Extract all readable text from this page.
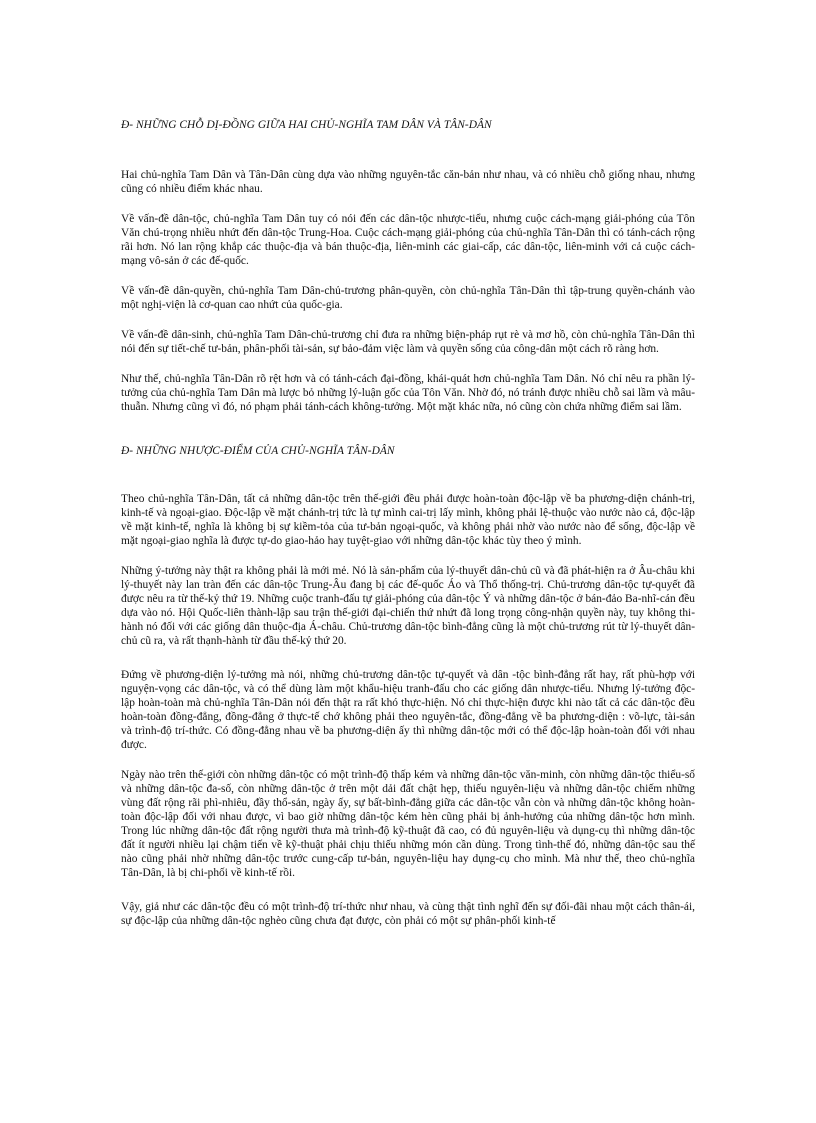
Đ- NHỮNG CHỖ DỊ-ĐỒNG GIỮA HAI CHỦ-NGHĨA TAM DÂN VÀ TÂN-DÂN

Hai chủ-nghĩa Tam Dân và Tân-Dân cùng dựa vào những nguyên-tắc căn-bản như nhau, và có nhiều chỗ giống nhau, nhưng cũng có nhiều điểm khác nhau.

Về vấn-đề dân-tộc, chủ-nghĩa Tam Dân tuy có nói đến các dân-tộc nhược-tiểu, nhưng cuộc cách-mạng giải-phóng của Tôn Văn chú-trọng nhiều nhứt đến dân-tộc Trung-Hoa. Cuộc cách-mạng giải-phóng của chủ-nghĩa Tân-Dân thì có tánh-cách rộng rãi hơn. Nó lan rộng khắp các thuộc-địa và bán thuộc-địa, liên-minh các giai-cấp, các dân-tộc, liên-minh với cả cuộc cách-mạng vô-sản ở các đế-quốc.

Về vấn-đề dân-quyền, chủ-nghĩa Tam Dân-chủ-trương phân-quyền, còn chủ-nghĩa Tân-Dân thì tập-trung quyền-chánh vào một nghị-viện là cơ-quan cao nhứt của quốc-gia.

Về vấn-đề dân-sinh, chủ-nghĩa Tam Dân-chủ-trương chỉ đưa ra những biện-pháp rụt rè và mơ hồ, còn chủ-nghĩa Tân-Dân thì nói đến sự tiết-chế tư-bản, phân-phối tài-sản, sự bảo-đảm việc làm và quyền sống của công-dân một cách rõ ràng hơn.

Như thế, chủ-nghĩa Tân-Dân rõ rệt hơn và có tánh-cách đại-đồng, khái-quát hơn chủ-nghĩa Tam Dân. Nó chỉ nêu ra phần lý-tưởng của chủ-nghĩa Tam Dân mà lược bỏ những lý-luận gốc của Tôn Văn. Nhờ đó, nó tránh được nhiều chỗ sai lầm và mâu-thuẫn. Nhưng cũng vì đó, nó phạm phải tánh-cách không-tưởng. Một mặt khác nữa, nó cũng còn chứa những điểm sai lầm.

Đ- NHỮNG NHƯỢC-ĐIỂM CỦA CHỦ-NGHĨA TÂN-DÂN

Theo chủ-nghĩa Tân-Dân, tất cả những dân-tộc trên thế-giới đều phải được hoàn-toàn độc-lập về ba phương-diện chánh-trị, kinh-tế và ngoại-giao. Độc-lập về mặt chánh-trị tức là tự mình cai-trị lấy mình, không phải lệ-thuộc vào nước nào cả, độc-lập về mặt kinh-tế, nghĩa là không bị sự kiềm-tỏa của tư-bản ngoại-quốc, và không phải nhờ vào nước nào để sống, độc-lập về mặt ngoại-giao nghĩa là được tự-do giao-hảo hay tuyệt-giao với những dân-tộc khác tùy theo ý mình.

Những ý-tưởng này thật ra không phải là mới mẻ. Nó là sản-phẩm của lý-thuyết dân-chủ cũ và đã phát-hiện ra ở Âu-châu khi lý-thuyết này lan tràn đến các dân-tộc Trung-Âu đang bị các đế-quốc Áo và Thổ thống-trị. Chủ-trương dân-tộc tự-quyết đã được nêu ra từ thế-kỷ thứ 19. Những cuộc tranh-đấu tự giải-phóng của dân-tộc Ý và những dân-tộc ở bán-đảo Ba-nhĩ-cán đều dựa vào nó. Hội Quốc-liên thành-lập sau trận thế-giới đại-chiến thứ nhứt đã long trọng công-nhận quyền này, tuy không thi-hành nó đối với các giống dân thuộc-địa Á-châu. Chủ-trương dân-tộc bình-đẳng cũng là một chủ-trương rút từ lý-thuyết dân-chủ cũ ra, và rất thạnh-hành từ đầu thế-kỷ thứ 20.

Đứng về phương-diện lý-tưởng mà nói, những chủ-trương dân-tộc tự-quyết và dân -tộc bình-đẳng rất hay, rất phù-hợp với nguyện-vọng các dân-tộc, và có thể dùng làm một khẩu-hiệu tranh-đấu cho các giống dân nhược-tiểu. Nhưng lý-tưởng độc-lập hoàn-toàn mà chủ-nghĩa Tân-Dân nói đến thật ra rất khó thực-hiện. Nó chỉ thực-hiện được khi nào tất cả các dân-tộc đều hoàn-toàn đồng-đẳng, đồng-đẳng ở thực-tế chớ không phải theo nguyên-tắc, đồng-đẳng về ba phương-diện : võ-lực, tài-sản và trình-độ trí-thức. Có đồng-đẳng nhau về ba phương-diện ấy thì những dân-tộc mới có thể độc-lập hoàn-toàn đối với nhau được.

Ngày nào trên thế-giới còn những dân-tộc có một trình-độ thấp kém và những dân-tộc văn-minh, còn những dân-tộc thiểu-số và những dân-tộc đa-số, còn những dân-tộc ở trên một dải đất chật hẹp, thiếu nguyên-liệu và những dân-tộc chiếm những vùng đất rộng rãi phì-nhiêu, đầy thổ-sản, ngày ấy, sự bất-bình-đẳng giữa các dân-tộc vẫn còn và những dân-tộc không hoàn-toàn độc-lập đối với nhau được, vì bao giờ những dân-tộc kém hèn cũng phải bị ảnh-hưởng của những dân-tộc hơn mình. Trong lúc những dân-tộc đất rộng người thưa mà trình-độ kỹ-thuật đã cao, có đủ nguyên-liệu và dụng-cụ thì những dân-tộc đất ít người nhiều lại chậm tiến về kỹ-thuật phải chịu thiếu những món cần dùng. Trong tình-thế đó, những dân-tộc sau thế nào cũng phải nhờ những dân-tộc trước cung-cấp tư-bản, nguyên-liệu hay dụng-cụ cho mình. Mà như thế, theo chủ-nghĩa Tân-Dân, là bị chi-phối về kinh-tế rồi.

Vậy, giả như các dân-tộc đều có một trình-độ trí-thức như nhau, và cùng thật tình nghĩ đến sự đối-đãi nhau một cách thân-ái, sự độc-lập của những dân-tộc nghèo cũng chưa đạt được, còn phải có một sự phân-phối kinh-tế
